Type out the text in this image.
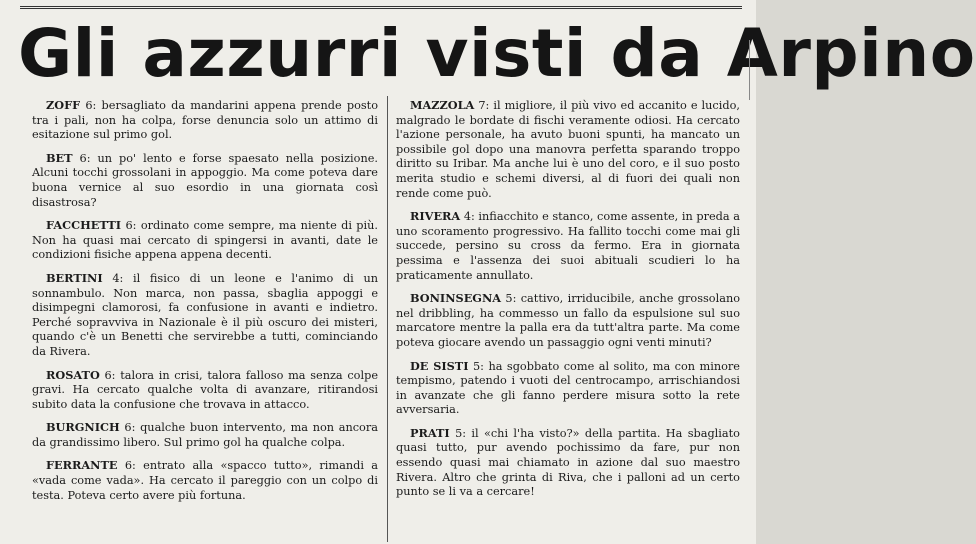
Gli azzurri visti da Arpino

ZOFF 6: bersagliato da mandarini appena prende posto tra i pali, non ha colpa, forse denuncia solo un attimo di esitazione sul primo gol.

BET 6: un po' lento e forse spaesato nella posizione. Alcuni tocchi grossolani in appoggio. Ma come poteva dare buona vernice al suo esordio in una giornata così disastrosa?

FACCHETTI 6: ordinato come sempre, ma niente di più. Non ha quasi mai cercato di spingersi in avanti, date le condizioni fisiche appena appena decenti.

BERTINI 4: il fisico di un leone e l'animo di un sonnambulo. Non marca, non passa, sbaglia appoggi e disimpegni clamorosi, fa confusione in avanti e indietro. Perché sopravviva in Nazionale è il più oscuro dei misteri, quando c'è un Benetti che servirebbe a tutti, cominciando da Rivera.

ROSATO 6: talora in crisi, talora falloso ma senza colpe gravi. Ha cercato qualche volta di avanzare, ritirandosi subito data la confusione che trovava in attacco.

BURGNICH 6: qualche buon intervento, ma non ancora da grandissimo libero. Sul primo gol ha qualche colpa.

FERRANTE 6: entrato alla «spacco tutto», rimandi a «vada come vada». Ha cercato il pareggio con un colpo di testa. Poteva certo avere più fortuna.

MAZZOLA 7: il migliore, il più vivo ed accanito e lucido, malgrado le bordate di fischi veramente odiosi. Ha cercato l'azione personale, ha avuto buoni spunti, ha mancato un possibile gol dopo una manovra perfetta sparando troppo diritto su Iribar. Ma anche lui è uno del coro, e il suo posto merita studio e schemi diversi, al di fuori dei quali non rende come può.

RIVERA 4: infiacchito e stanco, come assente, in preda a uno scoramento progressivo. Ha fallito tocchi come mai gli succede, persino su cross da fermo. Era in giornata pessima e l'assenza dei suoi abituali scudieri lo ha praticamente annullato.

BONINSEGNA 5: cattivo, irriducibile, anche grossolano nel dribbling, ha commesso un fallo da espulsione sul suo marcatore mentre la palla era da tutt'altra parte. Ma come poteva giocare avendo un passaggio ogni venti minuti?

DE SISTI 5: ha sgobbato come al solito, ma con minore tempismo, patendo i vuoti del centrocampo, arrischiandosi in avanzate che gli fanno perdere misura sotto la rete avversaria.

PRATI 5: il «chi l'ha visto?» della partita. Ha sbagliato quasi tutto, pur avendo pochissimo da fare, pur non essendo quasi mai chiamato in azione dal suo maestro Rivera. Altro che grinta di Riva, che i palloni ad un certo punto se li va a cercare!
